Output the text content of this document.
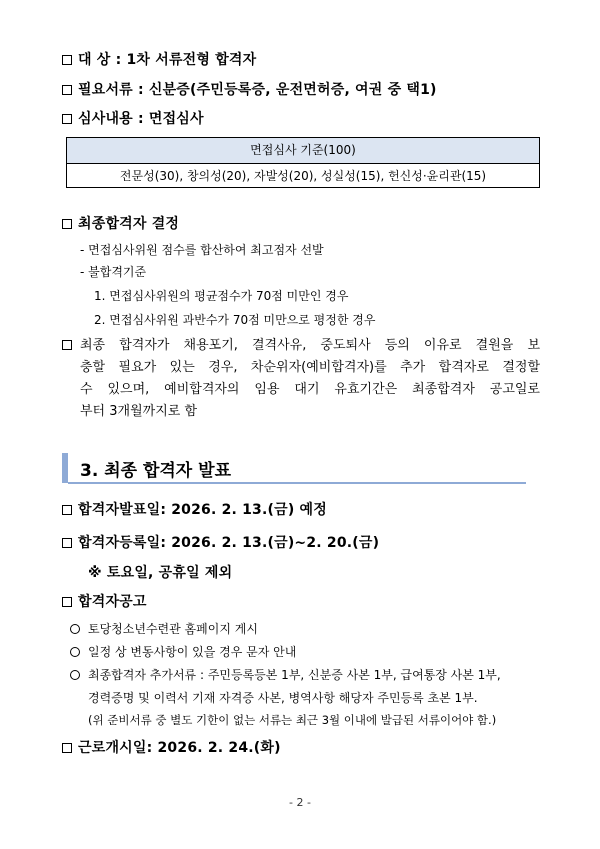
대 상 : 1차 서류전형 합격자
필요서류 : 신분증(주민등록증, 운전면허증, 여권 중 택1)
심사내용 : 면접심사
면접심사 기준(100)
전문성(30), 창의성(20), 자발성(20), 성실성(15), 헌신성·윤리관(15)
최종합격자 결정
- 면접심사위원 점수를 합산하여 최고점자 선발
- 불합격기준
1. 면접심사위원의 평균점수가 70점 미만인 경우
2. 면접심사위원 과반수가 70점 미만으로 평정한 경우
최종 합격자가 채용포기, 결격사유, 중도퇴사 등의 이유로 결원을 보
충할 필요가 있는 경우, 차순위자(예비합격자)를 추가 합격자로 결정할
수 있으며, 예비합격자의 임용 대기 유효기간은 최종합격자 공고일로
부터 3개월까지로 함
3. 최종 합격자 발표
합격자발표일: 2026. 2. 13.(금) 예정
합격자등록일: 2026. 2. 13.(금)~2. 20.(금)
※ 토요일, 공휴일 제외
합격자공고
토당청소년수련관 홈페이지 게시
일정 상 변동사항이 있을 경우 문자 안내
최종합격자 추가서류 : 주민등록등본 1부, 신분증 사본 1부, 급여통장 사본 1부,
경력증명 및 이력서 기재 자격증 사본, 병역사항 해당자 주민등록 초본 1부.
(위 준비서류 중 별도 기한이 없는 서류는 최근 3월 이내에 발급된 서류이어야 함.)
근로개시일: 2026. 2. 24.(화)
- 2 -
